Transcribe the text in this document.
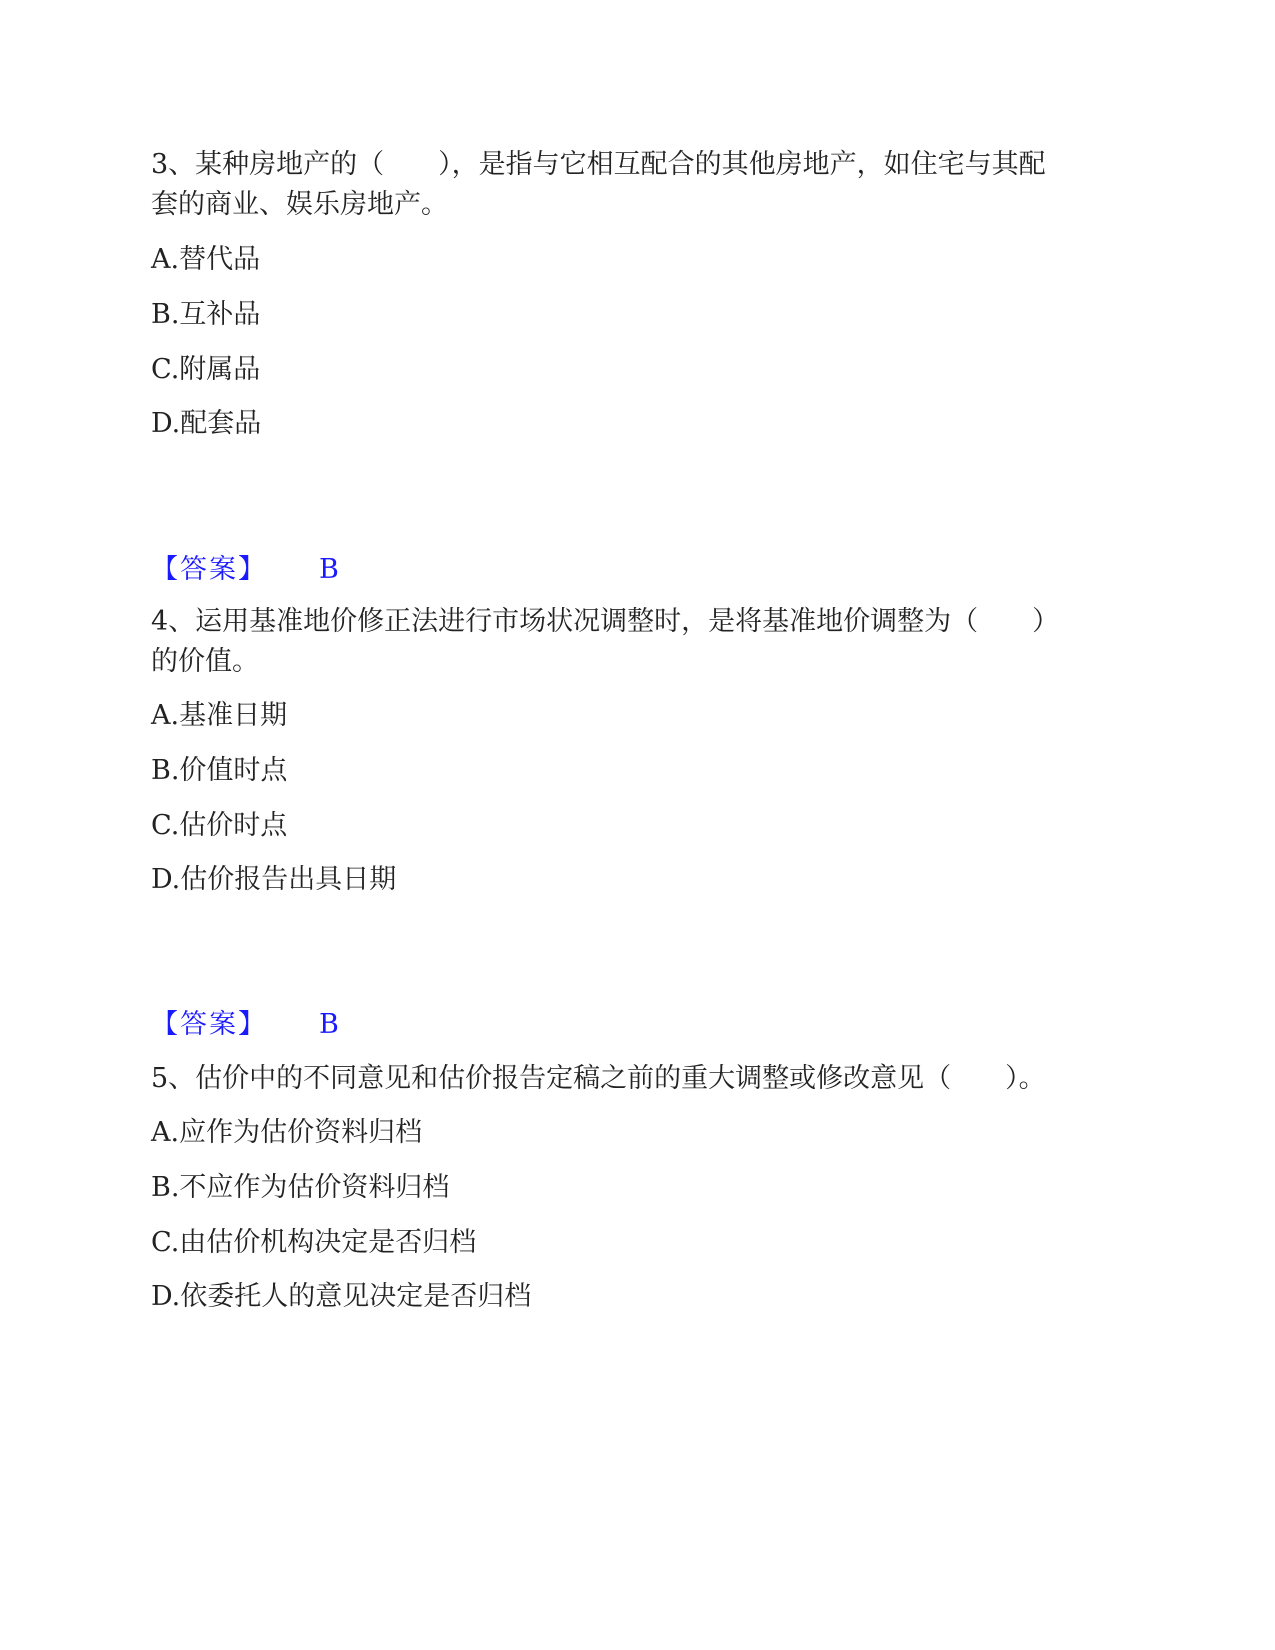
3、某种房地产的（　　），是指与它相互配合的其他房地产，如住宅与其配
套的商业、娱乐房地产。
A.替代品
B.互补品
C.附属品
D.配套品
【答案】 B
4、运用基准地价修正法进行市场状况调整时，是将基准地价调整为（　　）
的价值。
A.基准日期
B.价值时点
C.估价时点
D.估价报告出具日期
【答案】 B
5、估价中的不同意见和估价报告定稿之前的重大调整或修改意见（　　）。
A.应作为估价资料归档
B.不应作为估价资料归档
C.由估价机构决定是否归档
D.依委托人的意见决定是否归档
